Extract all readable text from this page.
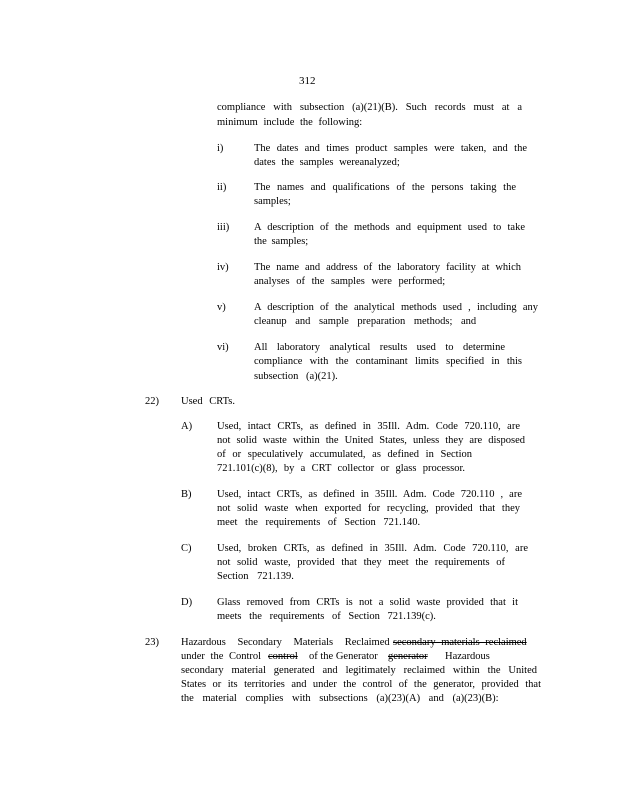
312
compliance with subsection (a)(21)(B). Such records must at a
minimum include the following:
i)	The dates and times product samples were taken, and the
dates the samples wereanalyzed;
ii)	The names and qualifications of the persons taking the
samples;
iii) A description of the methods and equipment used to take
the samples;
iv) The name and address of the laboratory facility at which
analyses of the samples were performed;
v)	A description of the analytical methods used , including any
cleanup and sample preparation methods; and
vi) All laboratory analytical results used to determine
compliance with the contaminant limits specified in this
subsection (a)(21).
22) Used CRTs.
A) Used, intact CRTs, as defined in 35Ill. Adm. Code 720.110, are
not solid waste within the United States, unless they are disposed
of or speculatively accumulated, as defined in Section
721.101(c)(8), by a CRT collector or glass processor.
B) Used, intact CRTs, as defined in 35Ill. Adm. Code 720.110 , are
not solid waste when exported for recycling, provided that they
meet the requirements of Section 721.140.
C) Used, broken CRTs, as defined in 35Ill. Adm. Code 720.110, are
not solid waste, provided that they meet the requirements of
Section 721.139.
D) Glass removed from CRTs is not a solid waste provided that it
meets the requirements of Section 721.139(c).
23) Hazardous Secondary Materials Reclaimed secondary materials reclaimed
under the Control control of the Generator generator Hazardous
secondary material generated and legitimately reclaimed within the United
States or its territories and under the control of the generator, provided that
the material complies with subsections (a)(23)(A) and (a)(23)(B):
